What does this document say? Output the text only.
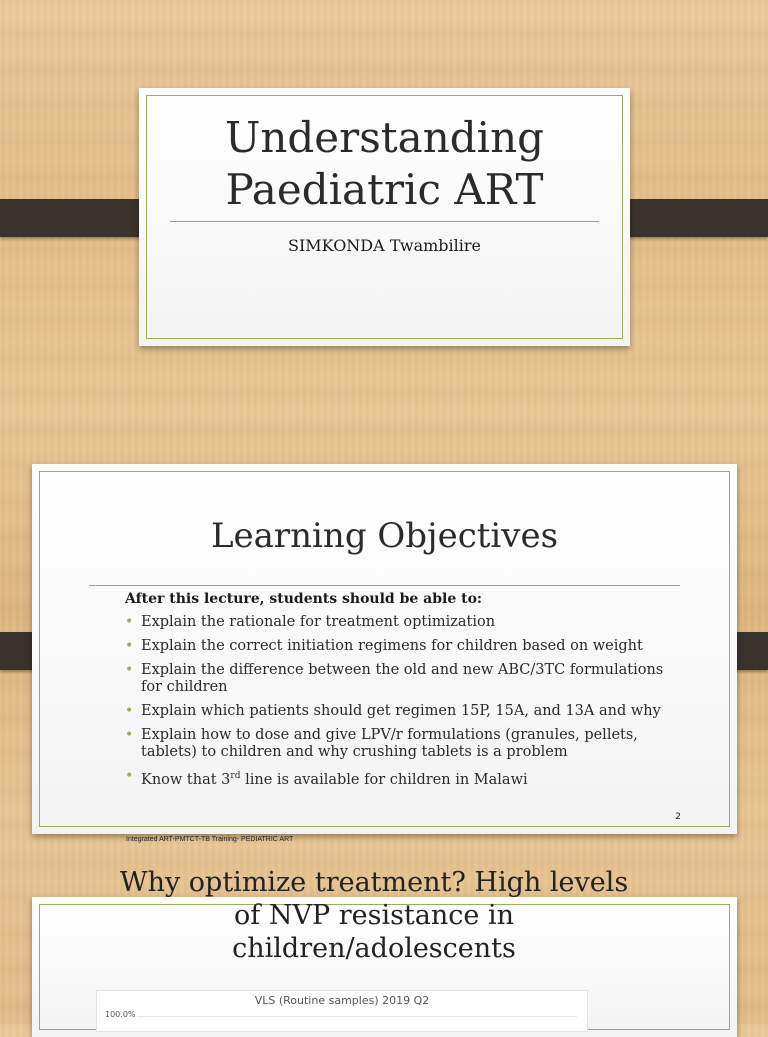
Understanding
Paediatric ART
SIMKONDA Twambilire
Learning Objectives
After this lecture, students should be able to:
• Explain the rationale for treatment optimization
• Explain the correct initiation regimens for children based on weight
• Explain the difference between the old and new ABC/3TC formulations for children
• Explain which patients should get regimen 15P, 15A, and 13A and why
• Explain how to dose and give LPV/r formulations (granules, pellets, tablets) to children and why crushing tablets is a problem
• Know that 3rd line is available for children in Malawi
2
Integrated ART-PMTCT-TB Training- PEDIATRIC ART
Why optimize treatment? High levels
of NVP resistance in
children/adolescents
VLS (Routine samples) 2019 Q2
100.0%
